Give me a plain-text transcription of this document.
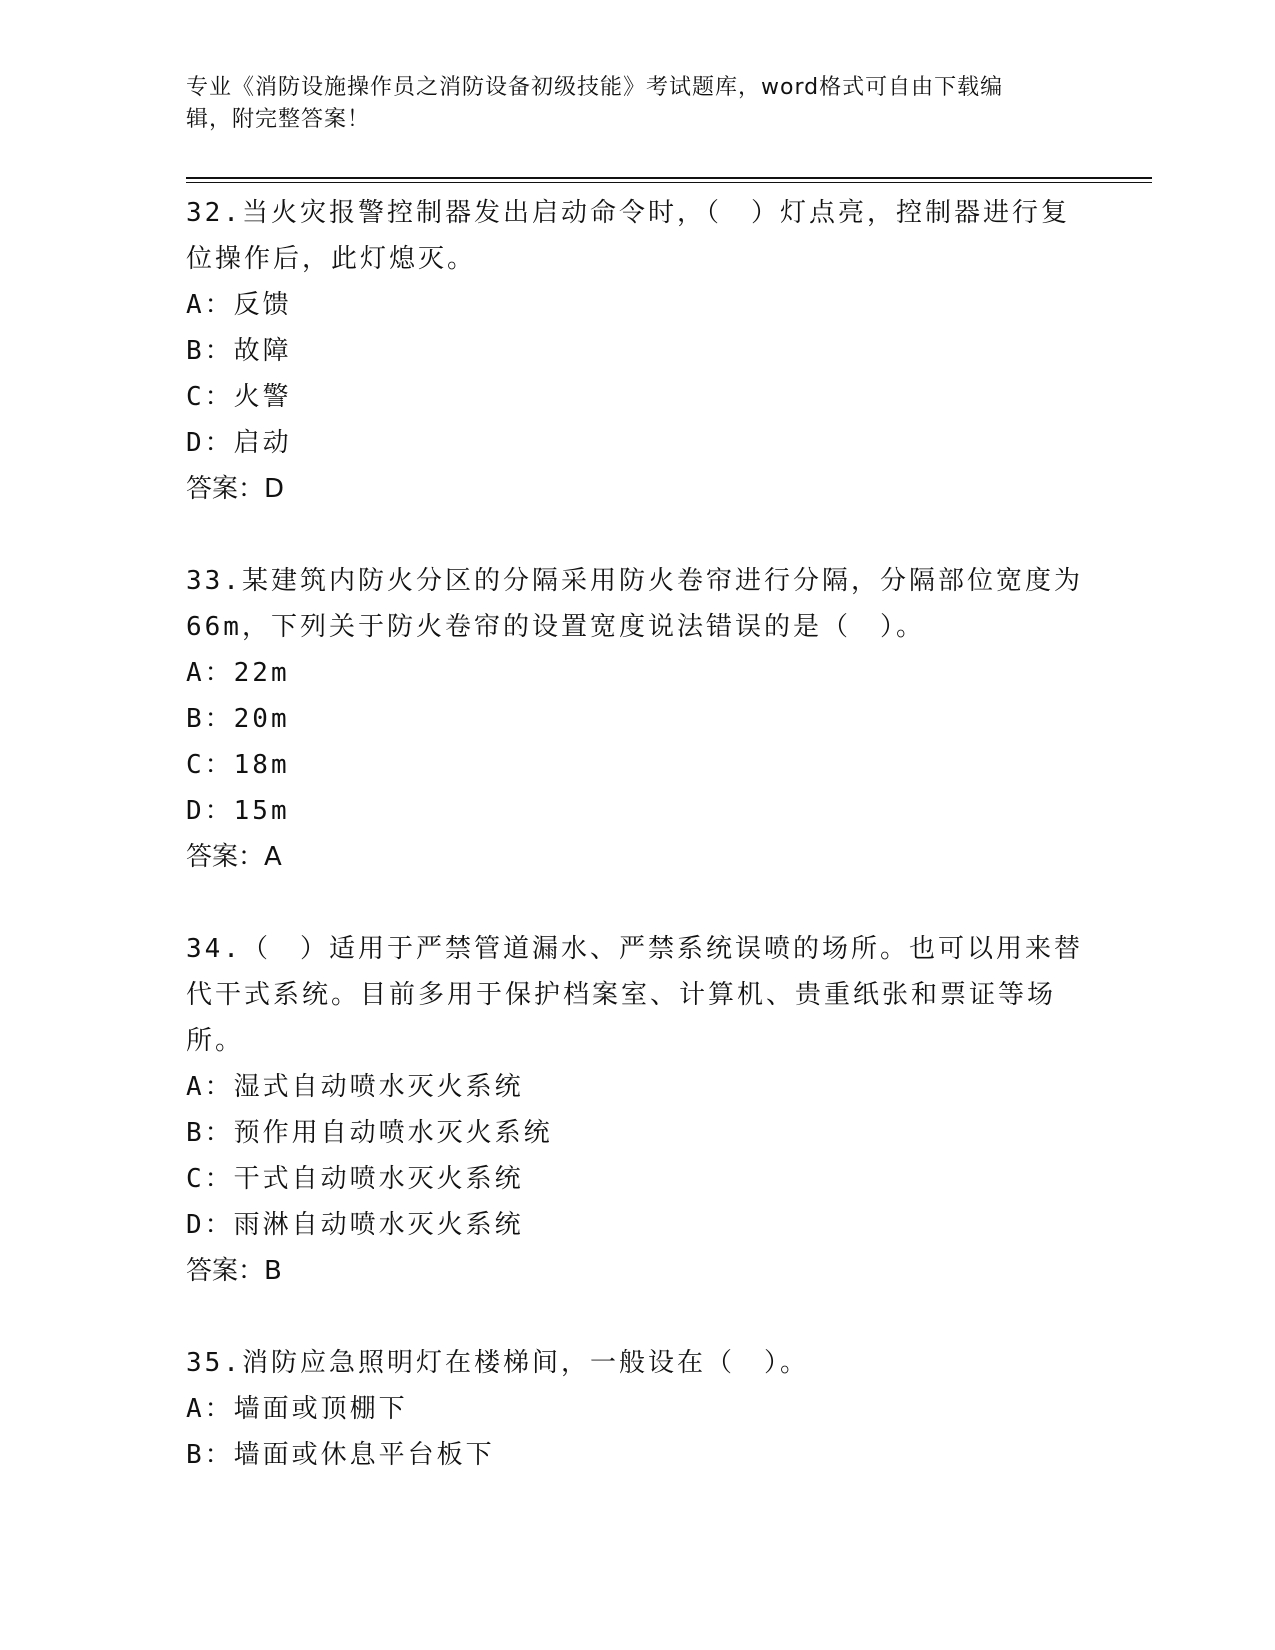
专业《消防设施操作员之消防设备初级技能》考试题库，word格式可自由下载编
辑，附完整答案！

32.当火灾报警控制器发出启动命令时，（　）灯点亮，控制器进行复

位操作后，此灯熄灭。

A：反馈

B：故障

C：火警

D：启动

答案：D

33.某建筑内防火分区的分隔采用防火卷帘进行分隔，分隔部位宽度为

66m，下列关于防火卷帘的设置宽度说法错误的是（　）。

A：22m

B：20m

C：18m

D：15m

答案：A

34.（　）适用于严禁管道漏水、严禁系统误喷的场所。也可以用来替

代干式系统。目前多用于保护档案室、计算机、贵重纸张和票证等场

所。

A：湿式自动喷水灭火系统

B：预作用自动喷水灭火系统

C：干式自动喷水灭火系统

D：雨淋自动喷水灭火系统

答案：B

35.消防应急照明灯在楼梯间，一般设在（　）。

A：墙面或顶棚下

B：墙面或休息平台板下
